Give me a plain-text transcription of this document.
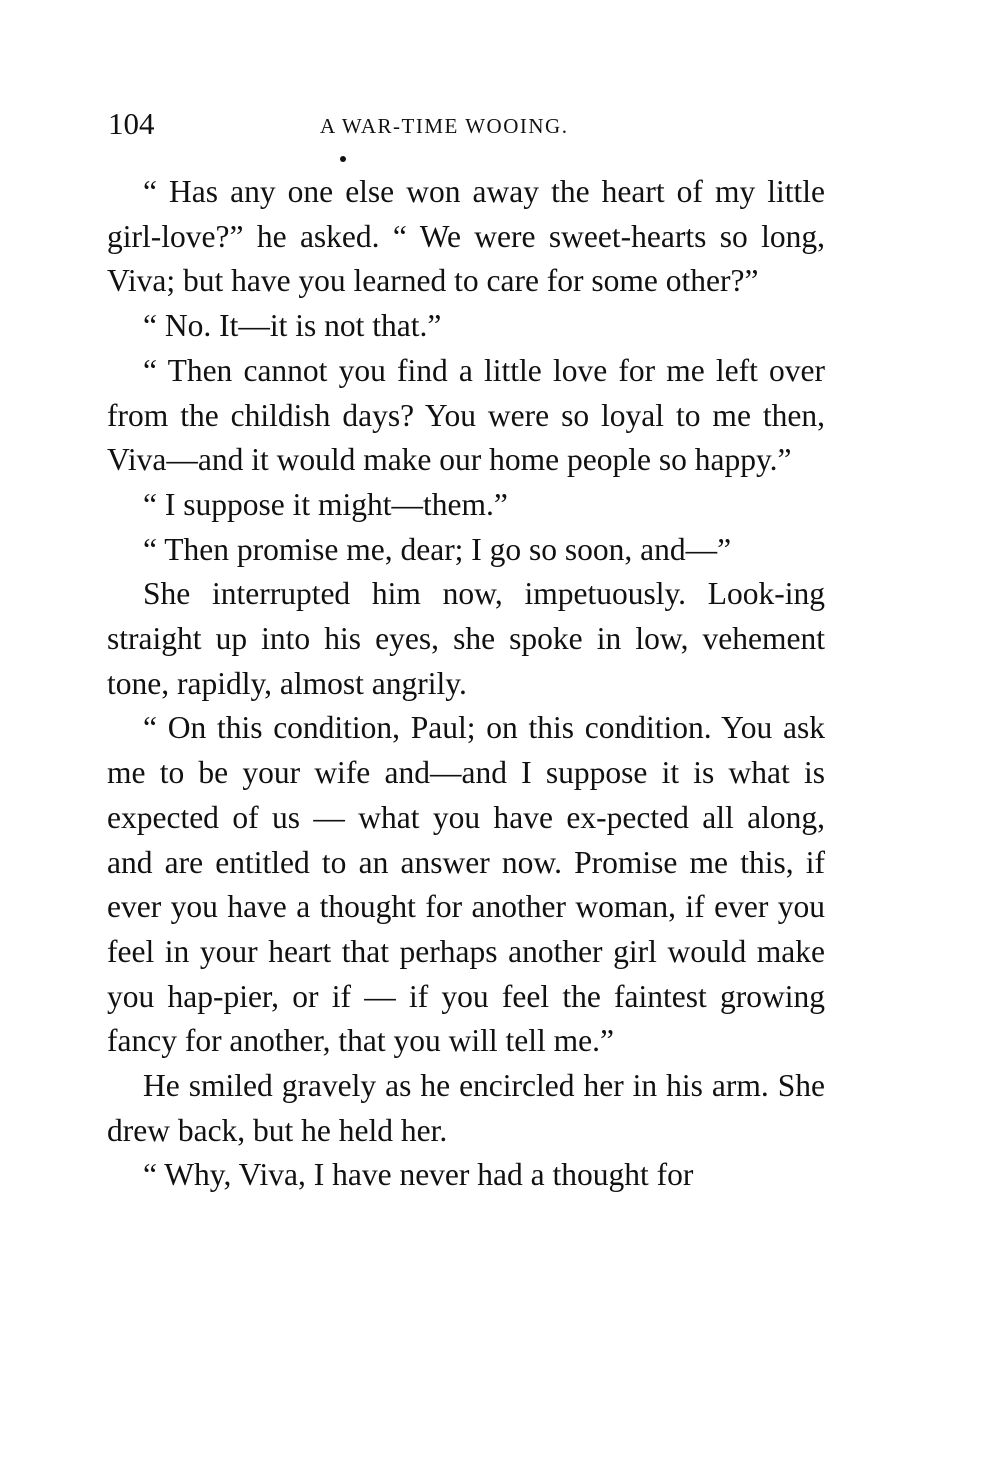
104	A WAR-TIME WOOING.

“ Has any one else won away the heart of my little girl-love?” he asked. “ We were sweet-hearts so long, Viva; but have you learned to care for some other?”

“ No. It—it is not that.”

“ Then cannot you find a little love for me left over from the childish days? You were so loyal to me then, Viva—and it would make our home people so happy.”

“ I suppose it might—them.”

“ Then promise me, dear; I go so soon, and—”

She interrupted him now, impetuously. Look-ing straight up into his eyes, she spoke in low, vehement tone, rapidly, almost angrily.

“ On this condition, Paul; on this condition. You ask me to be your wife and—and I suppose it is what is expected of us — what you have ex-pected all along, and are entitled to an answer now. Promise me this, if ever you have a thought for another woman, if ever you feel in your heart that perhaps another girl would make you hap-pier, or if — if you feel the faintest growing fancy for another, that you will tell me.”

He smiled gravely as he encircled her in his arm. She drew back, but he held her.

“ Why, Viva, I have never had a thought for
